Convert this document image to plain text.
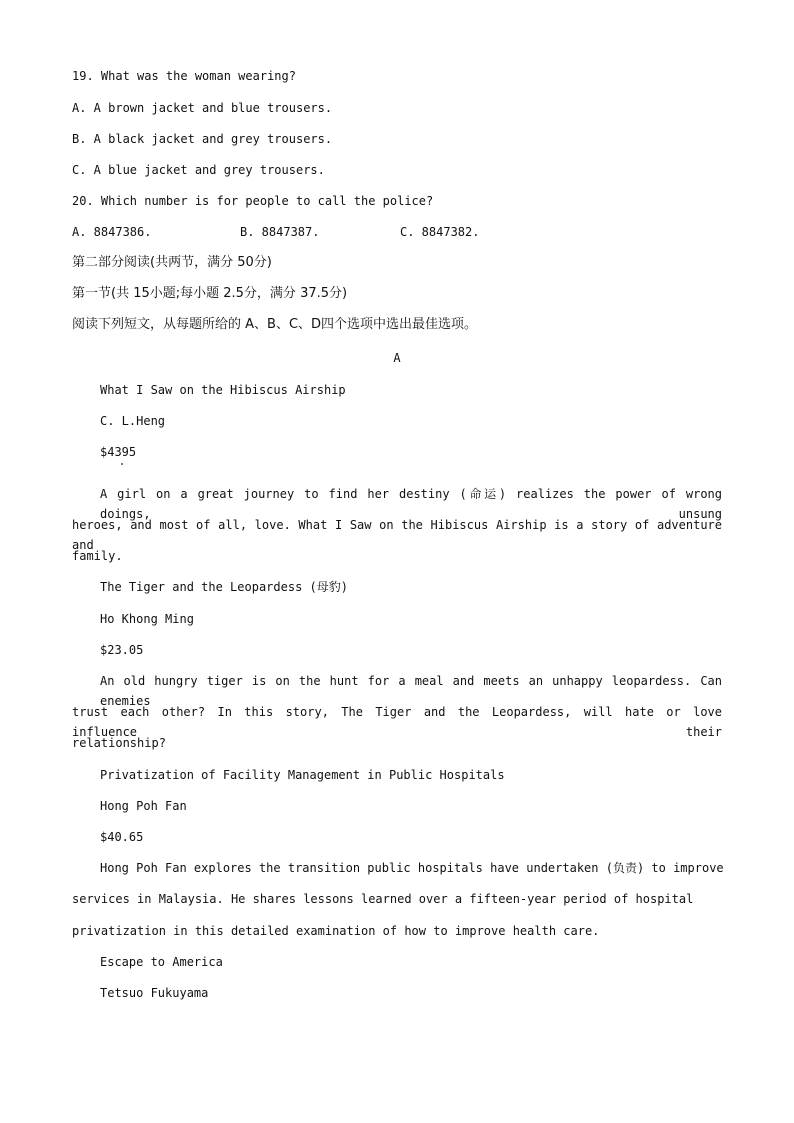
19. What was the woman wearing?
A. A brown jacket and blue trousers.
B. A black jacket and grey trousers.
C. A blue jacket and grey trousers.
20. Which number is for people to call the police?
A. 8847386.	B. 8847387.	C. 8847382.
第二部分阅读(共两节，满分 50分)
第一节(共 15小题;每小题 2.5分，满分 37.5分)
阅读下列短文，从每题所给的 A、B、C、D四个选项中选出最佳选项。
A
What I Saw on the Hibiscus Airship
C. L.Heng
$4395
A girl on a great journey to find her destiny (命运) realizes the power of wrong doings, unsung
heroes, and most of all, love. What I Saw on the Hibiscus Airship is a story of adventure and
family.
The Tiger and the Leopardess (母豹)
Ho Khong Ming
$23.05
An old hungry tiger is on the hunt for a meal and meets an unhappy leopardess. Can enemies
trust each other? In this story, The Tiger and the Leopardess, will hate or love influence their
relationship?
Privatization of Facility Management in Public Hospitals
Hong Poh Fan
$40.65
Hong Poh Fan explores the transition public hospitals have undertaken (负责) to improve
services in Malaysia. He shares lessons learned over a fifteen-year period of hospital
privatization in this detailed examination of how to improve health care.
Escape to America
Tetsuo Fukuyama
